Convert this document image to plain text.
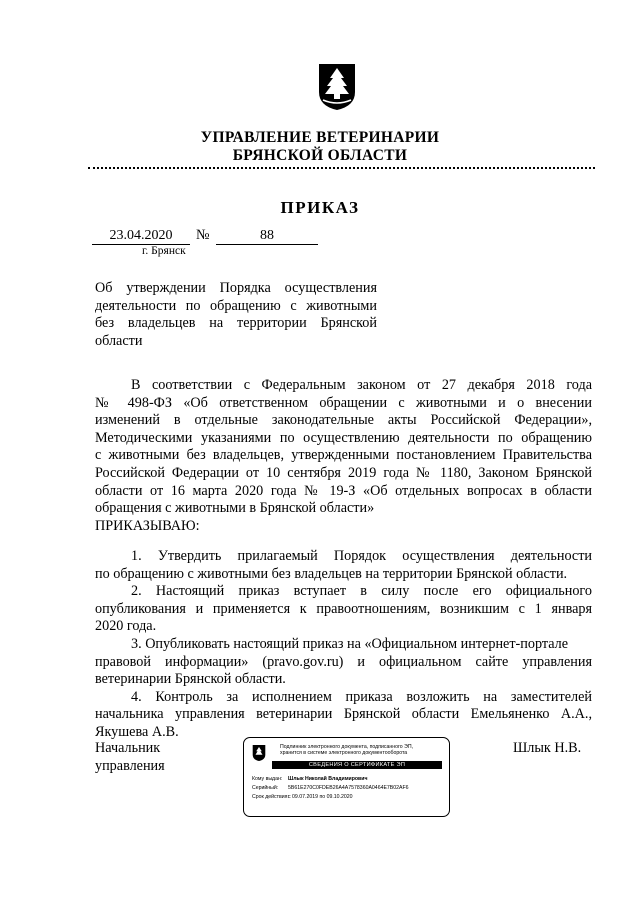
УПРАВЛЕНИЕ ВЕТЕРИНАРИИ
БРЯНСКОЙ ОБЛАСТИ
ПРИКАЗ
23.04.2020	№	88
г. Брянск
Об утверждении Порядка осуществления
деятельности по обращению с животными
без владельцев на территории Брянской
области
В соответствии с Федеральным законом от 27 декабря 2018 года
№ 498-ФЗ «Об ответственном обращении с животными и о внесении
изменений в отдельные законодательные акты Российской Федерации»,
Методическими указаниями по осуществлению деятельности по обращению
с животными без владельцев, утвержденными постановлением Правительства
Российской Федерации от 10 сентября 2019 года № 1180, Законом Брянской
области от 16 марта 2020 года № 19-З «Об отдельных вопросах в области
обращения с животными в Брянской области»
ПРИКАЗЫВАЮ:
1. Утвердить прилагаемый Порядок осуществления деятельности
по обращению с животными без владельцев на территории Брянской области.
2. Настоящий приказ вступает в силу после его официального
опубликования и применяется к правоотношениям, возникшим с 1 января
2020 года.
3. Опубликовать настоящий приказ на «Официальном интернет-портале
правовой информации» (pravo.gov.ru) и официальном сайте управления
ветеринарии Брянской области.
4. Контроль за исполнением приказа возложить на заместителей
начальника управления ветеринарии Брянской области Емельяненко А.А.,
Якушева А.В.
Начальник
управления
Шлык Н.В.
Подлинник электронного документа, подписанного ЭП,
хранится в системе электронного документооборота
СВЕДЕНИЯ О СЕРТИФИКАТЕ ЭП
Кому выдан: Шлык Николай Владимирович
Серийный: 5B61E270C0FDEB26A4A7578360A0464E7B02AF6
Срок действия: с 09.07.2019 по 09.10.2020
